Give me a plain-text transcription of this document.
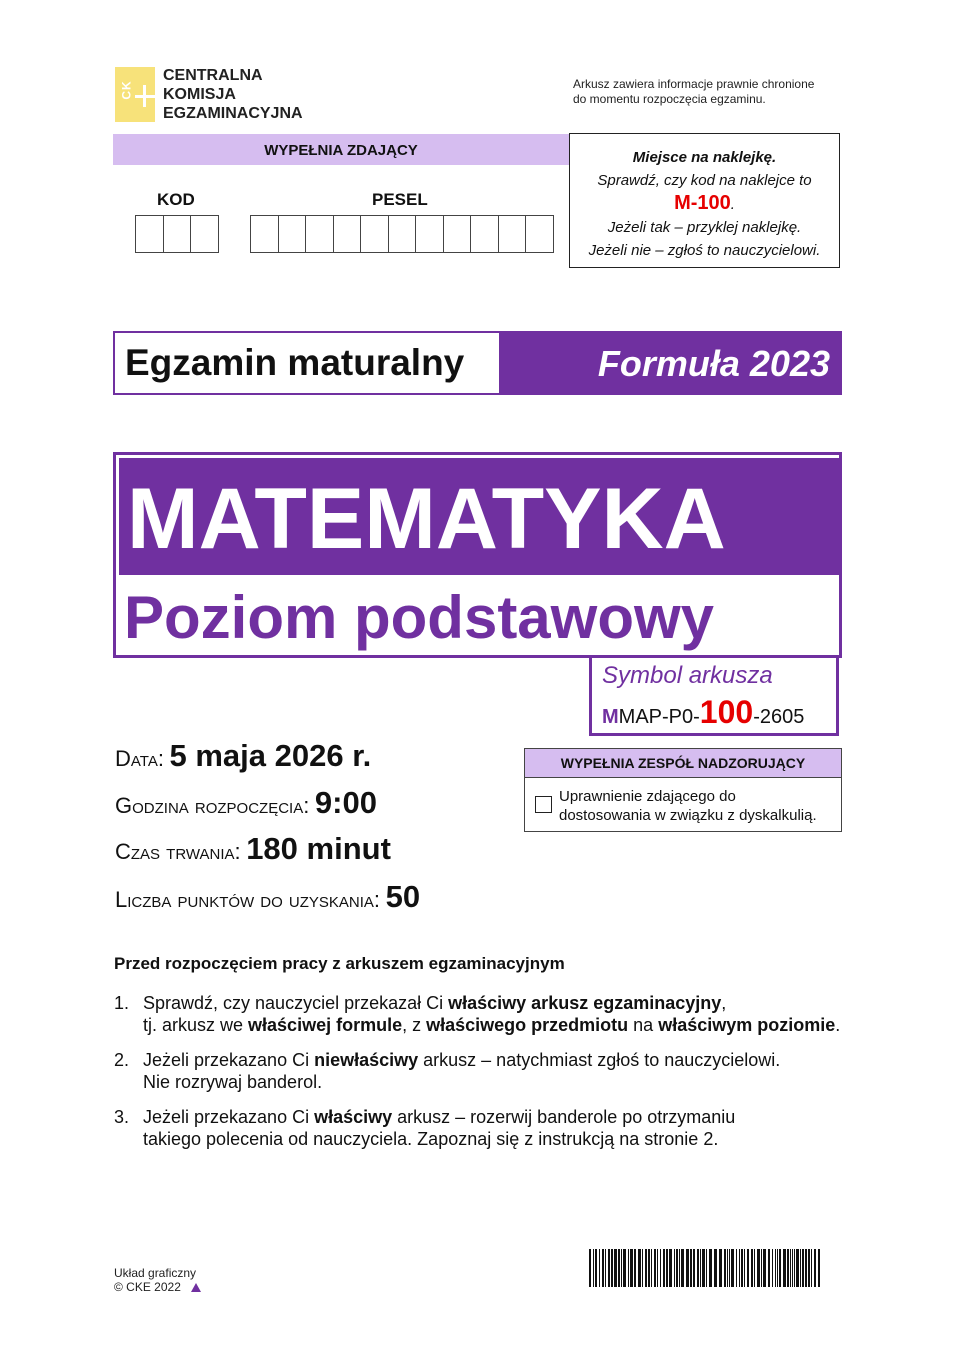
CK
CENTRALNA
KOMISJA
EGZAMINACYJNA
Arkusz zawiera informacje prawnie chronione
do momentu rozpoczęcia egzaminu.
WYPEŁNIA ZDAJĄCY
KOD	PESEL
Miejsce na naklejkę.
Sprawdź, czy kod na naklejce to
M-100.
Jeżeli tak – przyklej naklejkę.
Jeżeli nie – zgłoś to nauczycielowi.
Egzamin maturalny	Formuła 2023
MATEMATYKA
Poziom podstawowy
Symbol arkusza
MMAP-P0-100-2605
Data: 5 maja 2026 r.
Godzina rozpoczęcia: 9:00
Czas trwania: 180 minut
Liczba punktów do uzyskania: 50
WYPEŁNIA ZESPÓŁ NADZORUJĄCY
Uprawnienie zdającego do
dostosowania w związku z dyskalkulią.
Przed rozpoczęciem pracy z arkuszem egzaminacyjnym
1. Sprawdź, czy nauczyciel przekazał Ci właściwy arkusz egzaminacyjny,
tj. arkusz we właściwej formule, z właściwego przedmiotu na właściwym poziomie.
2. Jeżeli przekazano Ci niewłaściwy arkusz – natychmiast zgłoś to nauczycielowi.
Nie rozrywaj banderol.
3. Jeżeli przekazano Ci właściwy arkusz – rozerwij banderole po otrzymaniu
takiego polecenia od nauczyciela. Zapoznaj się z instrukcją na stronie 2.
Układ graficzny
© CKE 2022
